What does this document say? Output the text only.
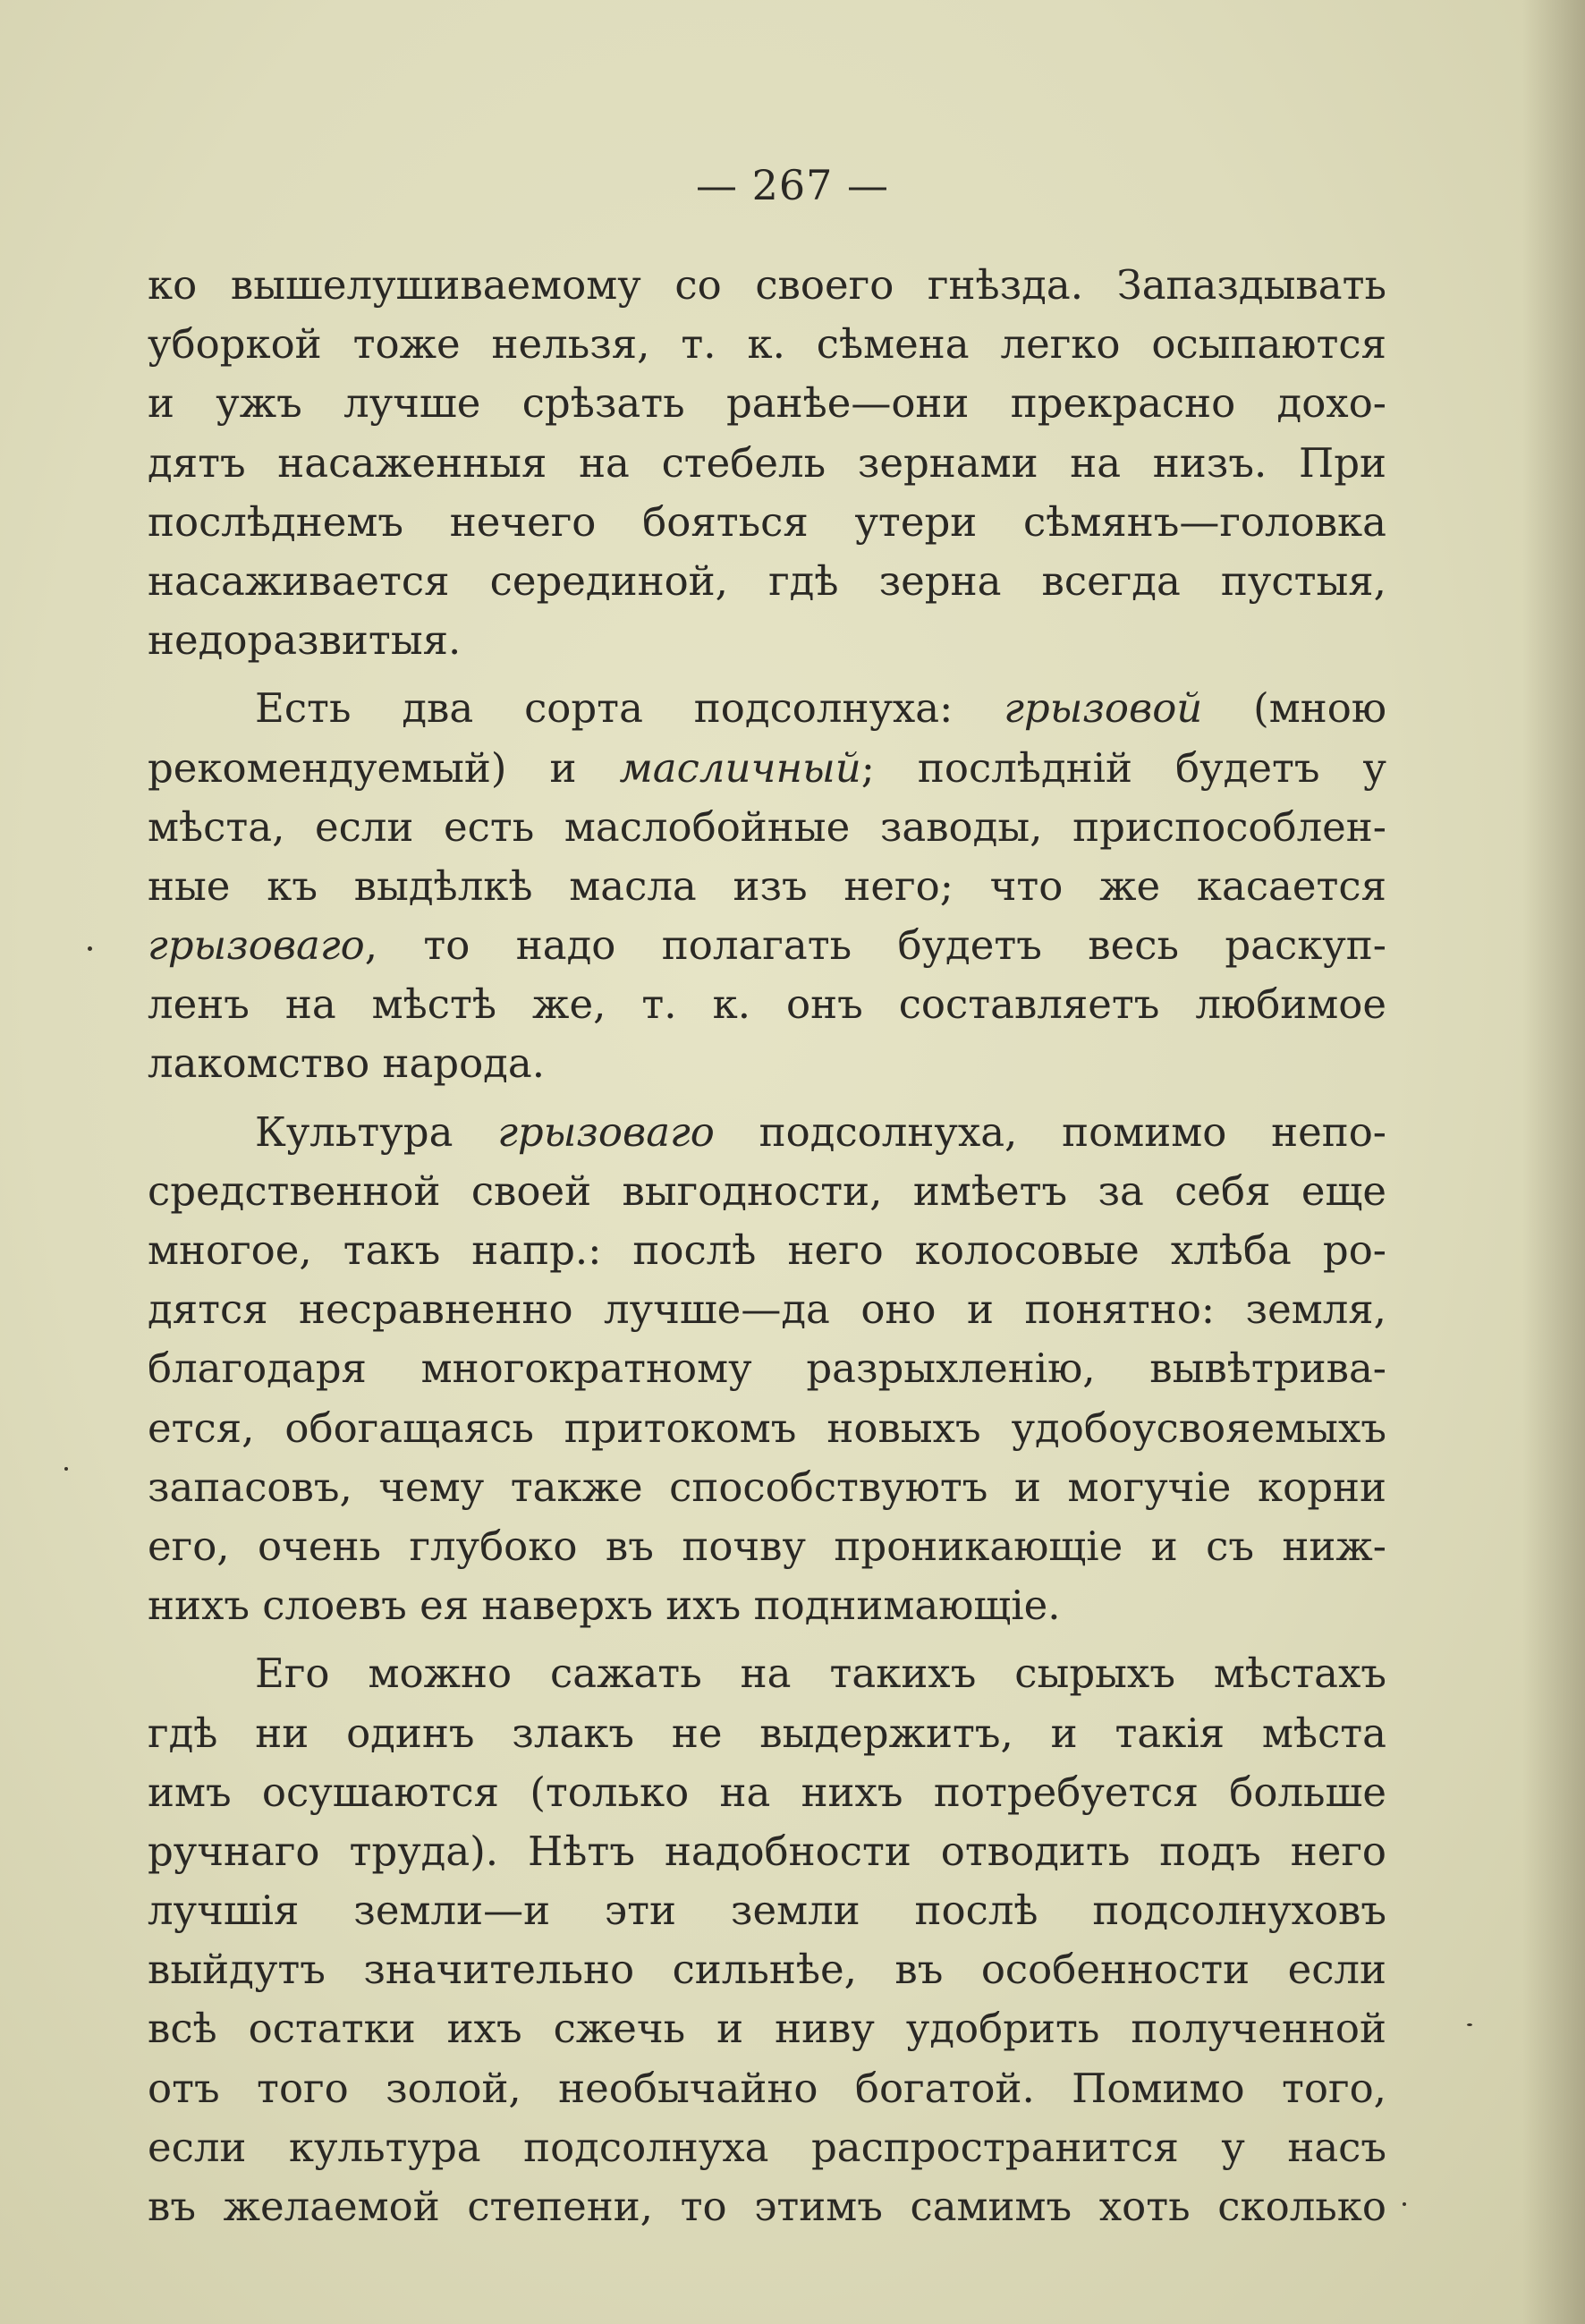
— 267 —
ко вышелушиваемому со своего гнѣзда. Запаздывать
уборкой тоже нельзя, т. к. сѣмена легко осыпаются
и ужъ лучше срѣзать ранѣе—они прекрасно дохо-
дятъ насаженныя на стебель зернами на низъ. При
послѣднемъ нечего бояться утери сѣмянъ—головка
насаживается серединой, гдѣ зерна всегда пустыя,
недоразвитыя.
Есть два сорта подсолнуха: грызовой (мною
рекомендуемый) и масличный; послѣднiй будетъ у
мѣста, если есть маслобойные заводы, приспособлен-
ные къ выдѣлкѣ масла изъ него; что же касается
грызоваго, то надо полагать будетъ весь раскуп-
ленъ на мѣстѣ же, т. к. онъ составляетъ любимое
лакомство народа.
Культура грызоваго подсолнуха, помимо непо-
средственной своей выгодности, имѣетъ за себя еще
многое, такъ напр.: послѣ него колосовые хлѣба ро-
дятся несравненно лучше—да оно и понятно: земля,
благодаря многократному разрыхленiю, вывѣтрива-
ется, обогащаясь притокомъ новыхъ удобоусвояемыхъ
запасовъ, чему также способствуютъ и могучiе корни
его, очень глубоко въ почву проникающiе и съ ниж-
нихъ слоевъ ея наверхъ ихъ поднимающiе.
Его можно сажать на такихъ сырыхъ мѣстахъ
гдѣ ни одинъ злакъ не выдержитъ, и такiя мѣста
имъ осушаются (только на нихъ потребуется больше
ручнаго труда). Нѣтъ надобности отводить подъ него
лучшiя земли—и эти земли послѣ подсолнуховъ
выйдутъ значительно сильнѣе, въ особенности если
всѣ остатки ихъ сжечь и ниву удобрить полученной
отъ того золой, необычайно богатой. Помимо того,
если культура подсолнуха распространится у насъ
въ желаемой степени, то этимъ самимъ хоть сколько
